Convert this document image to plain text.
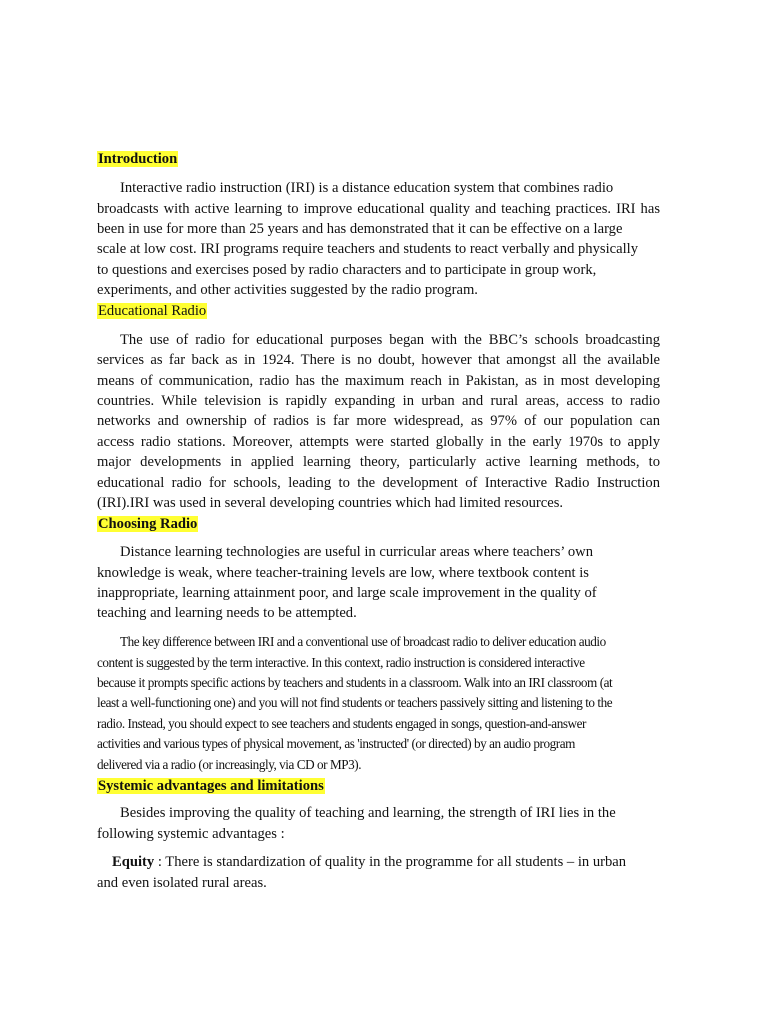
Introduction

Interactive radio instruction (IRI) is a distance education system that combines radio

broadcasts with active learning to improve educational quality and teaching practices. IRI has

been in use for more than 25 years and has demonstrated that it can be effective on a large

scale at low cost. IRI programs require teachers and students to react verbally and physically

to questions and exercises posed by radio characters and to participate in group work,

experiments, and other activities suggested by the radio program.

Educational Radio

The use of radio for educational purposes began with the BBC’s schools broadcasting

services as far back as in 1924. There is no doubt, however that amongst all the available

means of communication, radio has the maximum reach in Pakistan, as in most developing

countries. While television is rapidly expanding in urban and rural areas, access to radio

networks and ownership of radios is far more widespread, as 97% of our population can

access radio stations. Moreover, attempts were started globally in the early 1970s to apply

major developments in applied learning theory, particularly active learning methods, to

educational radio for schools, leading to the development of Interactive Radio Instruction

(IRI).IRI was used in several developing countries which had limited resources.

Choosing Radio

Distance learning technologies are useful in curricular areas where teachers’ own

knowledge is weak, where teacher-training levels are low, where textbook content is

inappropriate, learning attainment poor, and large scale improvement in the quality of

teaching and learning needs to be attempted.

The key difference between IRI and a conventional use of broadcast radio to deliver education audio

content is suggested by the term interactive. In this context, radio instruction is considered interactive

because it prompts specific actions by teachers and students in a classroom. Walk into an IRI classroom (at

least a well-functioning one) and you will not find students or teachers passively sitting and listening to the

radio. Instead, you should expect to see teachers and students engaged in songs, question-and-answer

activities and various types of physical movement, as 'instructed' (or directed) by an audio program

delivered via a radio (or increasingly, via CD or MP3).

Systemic advantages and limitations

Besides improving the quality of teaching and learning, the strength of IRI lies in the

following systemic advantages :

Equity : There is standardization of quality in the programme for all students – in urban

and even isolated rural areas.
